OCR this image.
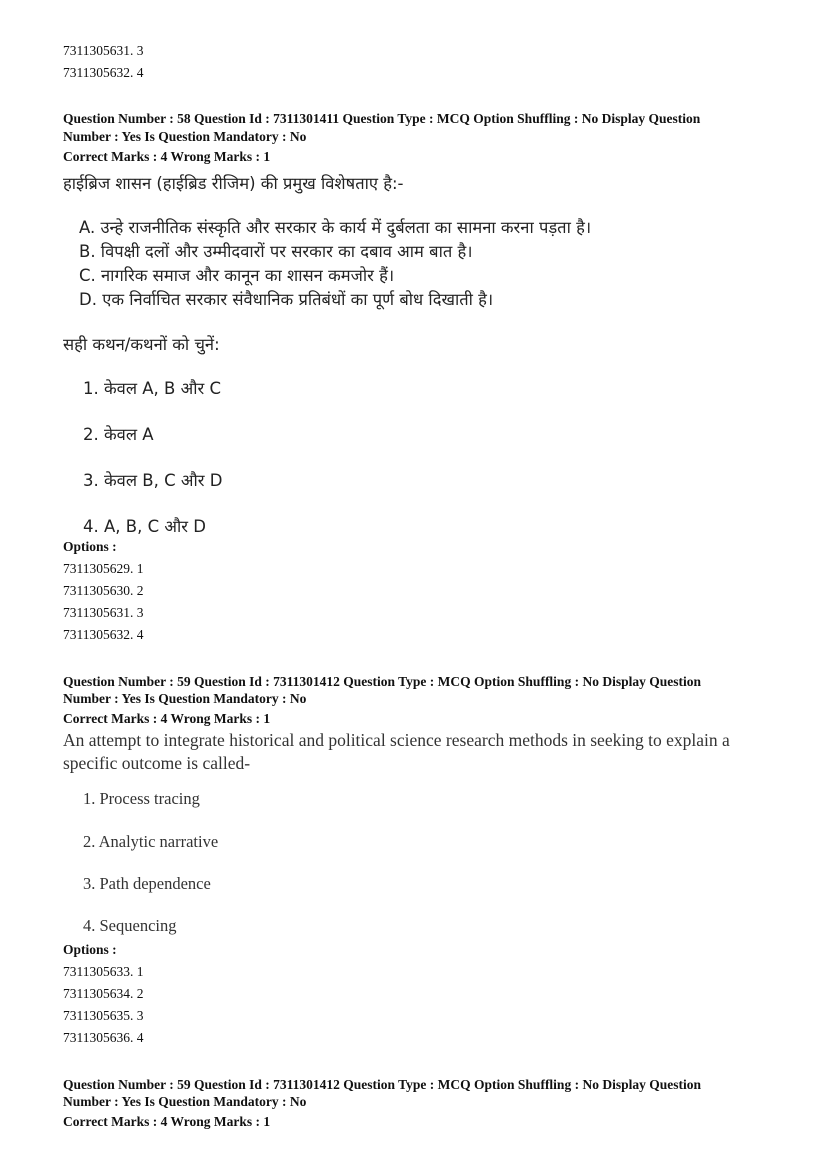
7311305631. 3
7311305632. 4
Question Number : 58 Question Id : 7311301411 Question Type : MCQ Option Shuffling : No Display Question
Number : Yes Is Question Mandatory : No
Correct Marks : 4 Wrong Marks : 1
हाईब्रिज शासन (हाईब्रिड रीजिम) की प्रमुख विशेषताए है:-
A. उन्हे राजनीतिक संस्कृति और सरकार के कार्य में दुर्बलता का सामना करना पड़ता है।
B. विपक्षी दलों और उम्मीदवारों पर सरकार का दबाव आम बात है।
C. नागरिक समाज और कानून का शासन कमजोर हैं।
D. एक निर्वाचित सरकार संवैधानिक प्रतिबंधों का पूर्ण बोध दिखाती है।
सही कथन/कथनों को चुनें:
1. केवल A, B और C
2. केवल A
3. केवल B, C और D
4. A, B, C और D
Options :
7311305629. 1
7311305630. 2
7311305631. 3
7311305632. 4
Question Number : 59 Question Id : 7311301412 Question Type : MCQ Option Shuffling : No Display Question
Number : Yes Is Question Mandatory : No
Correct Marks : 4 Wrong Marks : 1
An attempt to integrate historical and political science research methods in seeking to explain a
specific outcome is called-
1. Process tracing
2. Analytic narrative
3. Path dependence
4. Sequencing
Options :
7311305633. 1
7311305634. 2
7311305635. 3
7311305636. 4
Question Number : 59 Question Id : 7311301412 Question Type : MCQ Option Shuffling : No Display Question
Number : Yes Is Question Mandatory : No
Correct Marks : 4 Wrong Marks : 1
